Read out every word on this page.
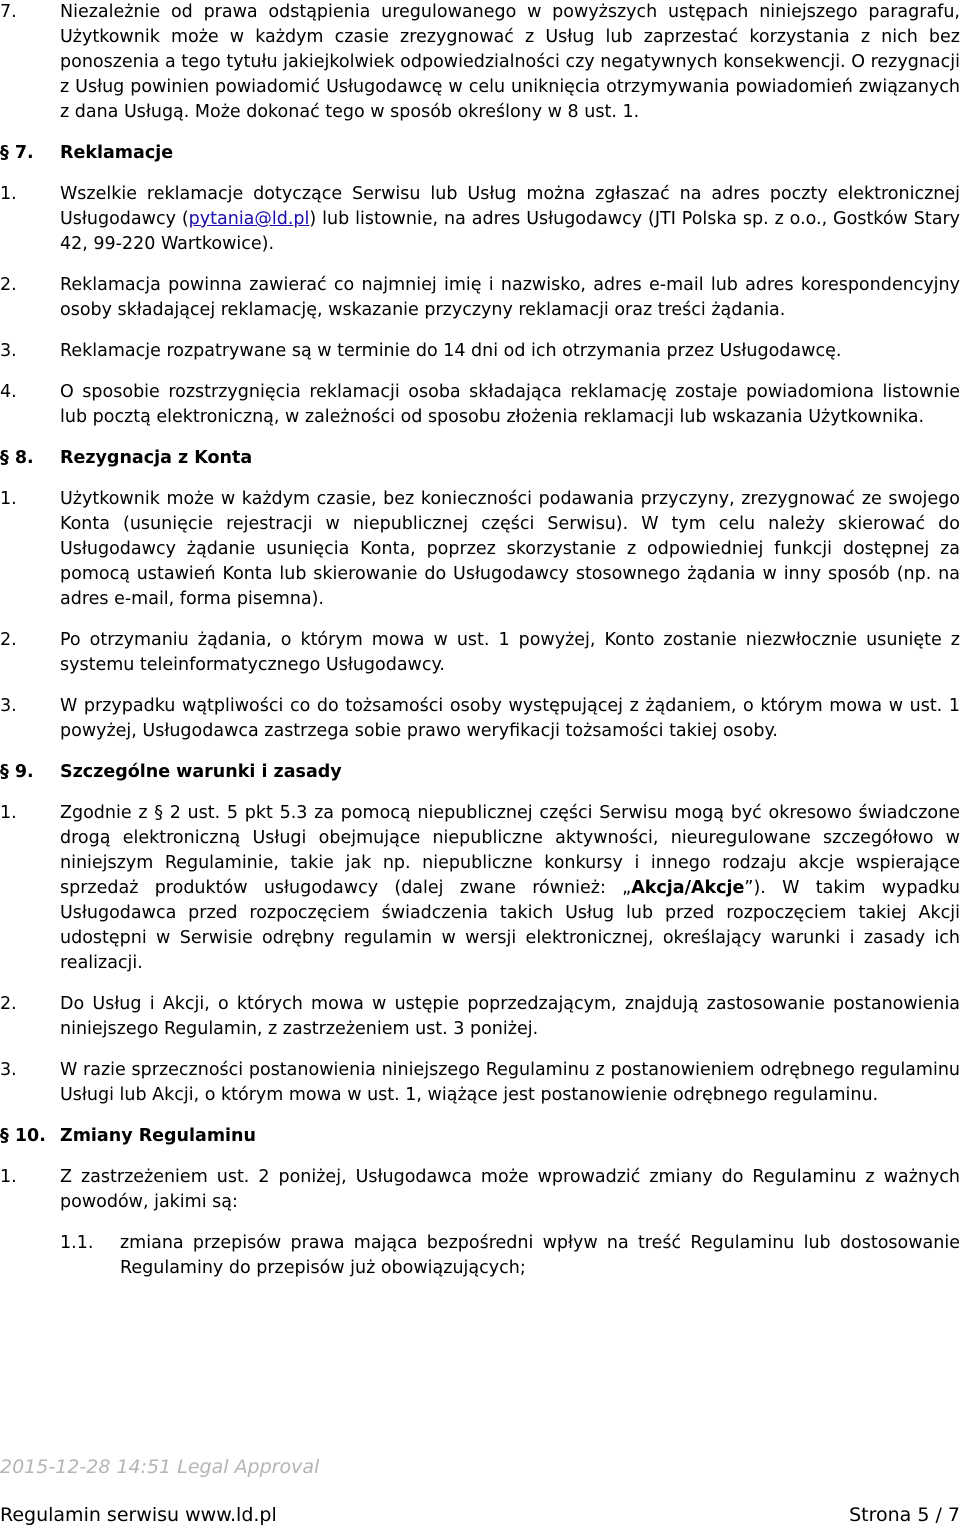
7. Niezależnie od prawa odstąpienia uregulowanego w powyższych ustępach niniejszego paragrafu, Użytkownik może w każdym czasie zrezygnować z Usług lub zaprzestać korzystania z nich bez ponoszenia a tego tytułu jakiejkolwiek odpowiedzialności czy negatywnych konsekwencji. O rezygnacji z Usług powinien powiadomić Usługodawcę w celu uniknięcia otrzymywania powiadomień związanych z dana Usługą. Może dokonać tego w sposób określony w 8 ust. 1.
§ 7. Reklamacje
1. Wszelkie reklamacje dotyczące Serwisu lub Usług można zgłaszać na adres poczty elektronicznej Usługodawcy (pytania@ld.pl) lub listownie, na adres Usługodawcy (JTI Polska sp. z o.o., Gostków Stary 42, 99-220 Wartkowice).
2. Reklamacja powinna zawierać co najmniej imię i nazwisko, adres e-mail lub adres korespondencyjny osoby składającej reklamację, wskazanie przyczyny reklamacji oraz treści żądania.
3. Reklamacje rozpatrywane są w terminie do 14 dni od ich otrzymania przez Usługodawcę.
4. O sposobie rozstrzygnięcia reklamacji osoba składająca reklamację zostaje powiadomiona listownie lub pocztą elektroniczną, w zależności od sposobu złożenia reklamacji lub wskazania Użytkownika.
§ 8. Rezygnacja z Konta
1. Użytkownik może w każdym czasie, bez konieczności podawania przyczyny, zrezygnować ze swojego Konta (usunięcie rejestracji w niepublicznej części Serwisu). W tym celu należy skierować do Usługodawcy żądanie usunięcia Konta, poprzez skorzystanie z odpowiedniej funkcji dostępnej za pomocą ustawień Konta lub skierowanie do Usługodawcy stosownego żądania w inny sposób (np. na adres e-mail, forma pisemna).
2. Po otrzymaniu żądania, o którym mowa w ust. 1 powyżej, Konto zostanie niezwłocznie usunięte z systemu teleinformatycznego Usługodawcy.
3. W przypadku wątpliwości co do tożsamości osoby występującej z żądaniem, o którym mowa w ust. 1 powyżej, Usługodawca zastrzega sobie prawo weryfikacji tożsamości takiej osoby.
§ 9. Szczególne warunki i zasady
1. Zgodnie z § 2 ust. 5 pkt 5.3 za pomocą niepublicznej części Serwisu mogą być okresowo świadczone drogą elektroniczną Usługi obejmujące niepubliczne aktywności, nieuregulowane szczegółowo w niniejszym Regulaminie, takie jak np. niepubliczne konkursy i innego rodzaju akcje wspierające sprzedaż produktów usługodawcy (dalej zwane również: „Akcja/Akcje”). W takim wypadku Usługodawca przed rozpoczęciem świadczenia takich Usług lub przed rozpoczęciem takiej Akcji udostępni w Serwisie odrębny regulamin w wersji elektronicznej, określający warunki i zasady ich realizacji.
2. Do Usług i Akcji, o których mowa w ustępie poprzedzającym, znajdują zastosowanie postanowienia niniejszego Regulamin, z zastrzeżeniem ust. 3 poniżej.
3. W razie sprzeczności postanowienia niniejszego Regulaminu z postanowieniem odrębnego regulaminu Usługi lub Akcji, o którym mowa w ust. 1, wiążące jest postanowienie odrębnego regulaminu.
§ 10. Zmiany Regulaminu
1. Z zastrzeżeniem ust. 2 poniżej, Usługodawca może wprowadzić zmiany do Regulaminu z ważnych powodów, jakimi są:
1.1. zmiana przepisów prawa mająca bezpośredni wpływ na treść Regulaminu lub dostosowanie Regulaminy do przepisów już obowiązujących;
2015-12-28 14:51 Legal Approval
Regulamin serwisu www.ld.pl	Strona 5 / 7
